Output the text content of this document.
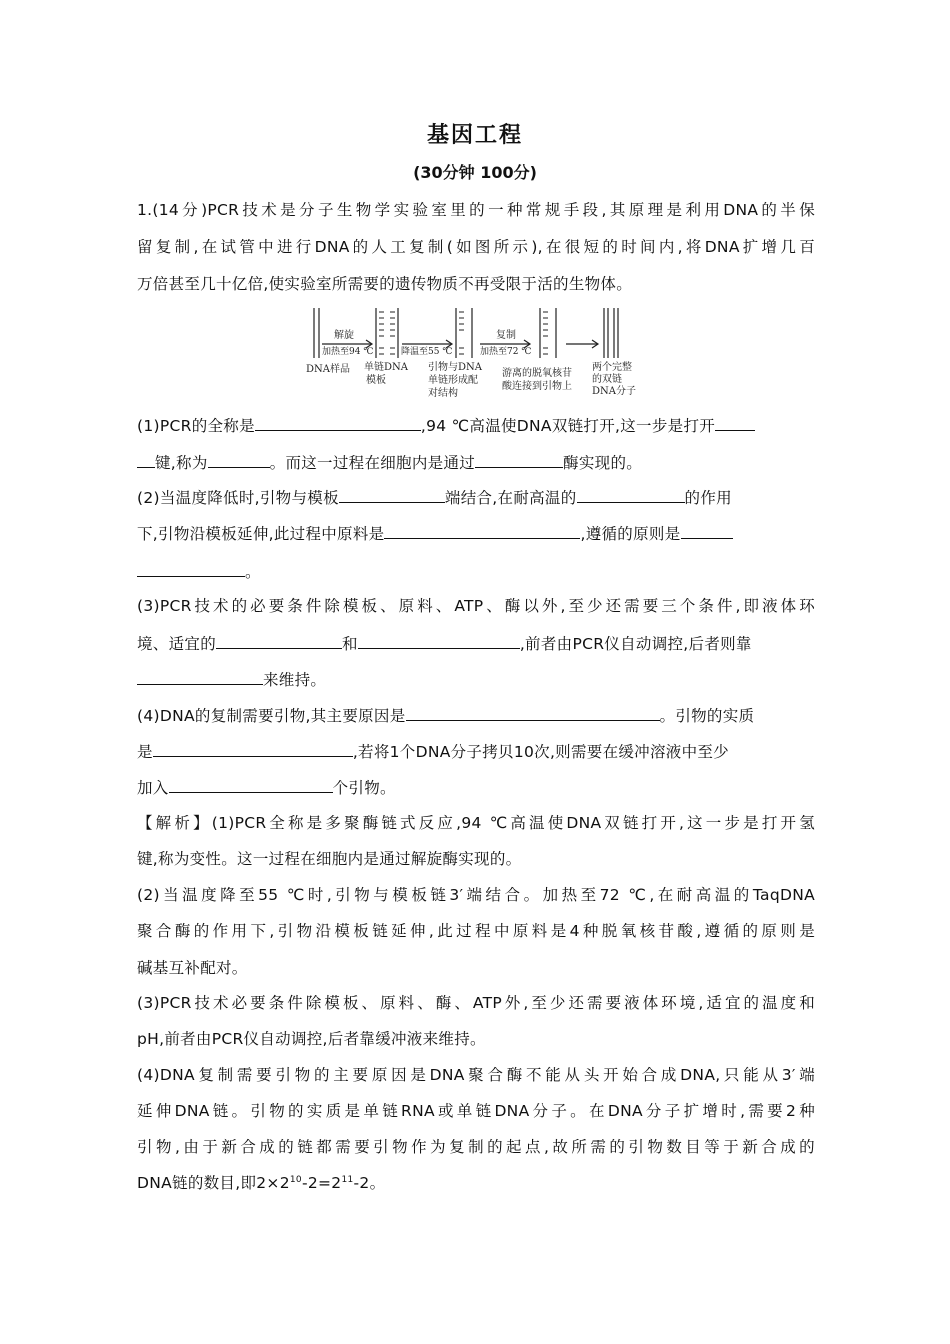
基因工程
(30分钟 100分)
1.(14分)PCR技术是分子生物学实验室里的一种常规手段,其原理是利用DNA的半保
留复制,在试管中进行DNA的人工复制(如图所示),在很短的时间内,将DNA扩增几百
万倍甚至几十亿倍,使实验室所需要的遗传物质不再受限于活的生物体。
解旋
加热至94 ℃	降温至55 ℃
复制
加热至72 ℃
DNA样品 单链DNA
模板
引物与DNA
单链形成配
对结构
游离的脱氧核苷
酸连接到引物上
两个完整
的双链
DNA分子
(1)PCR的全称是	,94 ℃高温使DNA双链打开,这一步是打开
键,称为	。而这一过程在细胞内是通过	酶实现的。
(2)当温度降低时,引物与模板	端结合,在耐高温的	的作用
下,引物沿模板延伸,此过程中原料是	,遵循的原则是
。
(3)PCR技术的必要条件除模板、原料、ATP、酶以外,至少还需要三个条件,即液体环
境、适宜的	和	,前者由PCR仪自动调控,后者则靠
来维持。
(4)DNA的复制需要引物,其主要原因是	。引物的实质
是	,若将1个DNA分子拷贝10次,则需要在缓冲溶液中至少
加入	个引物。
【解析】(1)PCR全称是多聚酶链式反应,94 ℃高温使DNA双链打开,这一步是打开氢
键,称为变性。这一过程在细胞内是通过解旋酶实现的。
(2)当温度降至55 ℃时,引物与模板链3′端结合。加热至72 ℃,在耐高温的TaqDNA
聚合酶的作用下,引物沿模板链延伸,此过程中原料是4种脱氧核苷酸,遵循的原则是
碱基互补配对。
(3)PCR技术必要条件除模板、原料、酶、ATP外,至少还需要液体环境,适宜的温度和
pH,前者由PCR仪自动调控,后者靠缓冲液来维持。
(4)DNA复制需要引物的主要原因是DNA聚合酶不能从头开始合成DNA,只能从3′端
延伸DNA链。引物的实质是单链RNA或单链DNA分子。在DNA分子扩增时,需要2种
引物,由于新合成的链都需要引物作为复制的起点,故所需的引物数目等于新合成的
DNA链的数目,即$2\times 2^{10}-2=2^{11}-2$。
